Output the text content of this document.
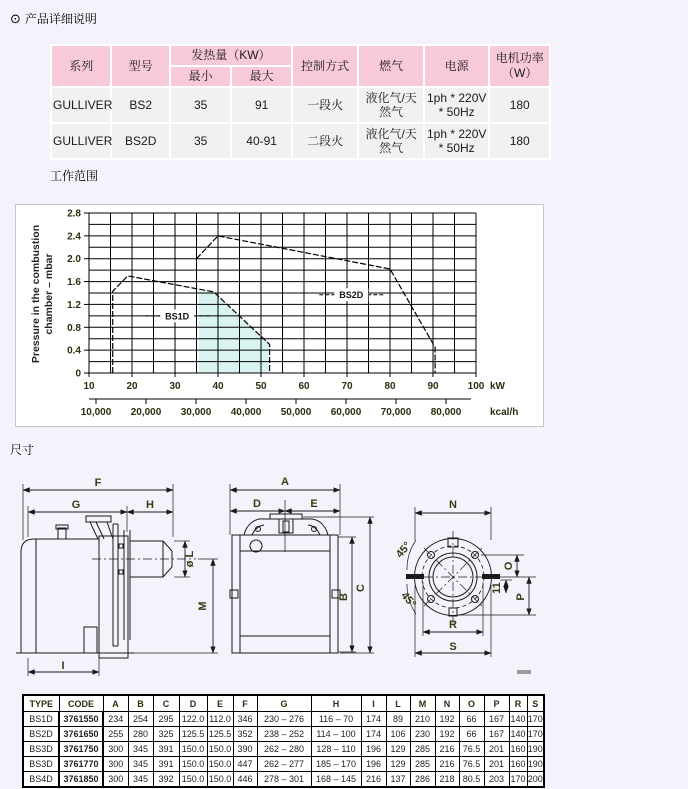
⊙ 产品详细说明
系列	型号	发热量（KW）		控制方式	燃气	电源	电机功率
（W）

		最小	最大				
GULLIVER	BS2	35	91	一段火	液化气/天然气	1ph * 220V * 50Hz	180
GULLIVER	BS2D	35	40-91	二段火	液化气/天然气	1ph * 220V * 50Hz	180
工作范围
Pressure in the combustion chamber – mbar
10	20	30	40	50	60	70	80	90	100 kW
0
0.4
0.8
1.2
1.6
2.0
2.4
2.8
10,000 20,000 30,000 40,000 50,000 60,000 70,000 80,000	kcal/h
BS1D
BS2D
尺寸
F
G	H
ø L
M
I
A
D	E
B
C
N
45°
45°
O
P
11
R
S
TYPE	CODE	A	B	C	D	E	F	G	H	I	L	M	N	O	P	R	S
BS1D	3761550	234	254	295	122.0	112.0	346	230 – 276	116 – 70	174	89	210	192	66	167	140	170
BS2D	3761650	255	280	325	125.5	125.5	352	238 – 252	114 – 100	174	106	230	192	66	167	140	170
BS3D	3761750	300	345	391	150.0	150.0	390	262 – 280	128 – 110	196	129	285	216	76.5	201	160	190
BS3D	3761770	300	345	391	150.0	150.0	447	262 – 277	185 – 170	196	129	285	216	76.5	201	160	190
BS4D	3761850	300	345	392	150.0	150.0	446	278 – 301	168 – 145	216	137	286	218	80.5	203	170	200
